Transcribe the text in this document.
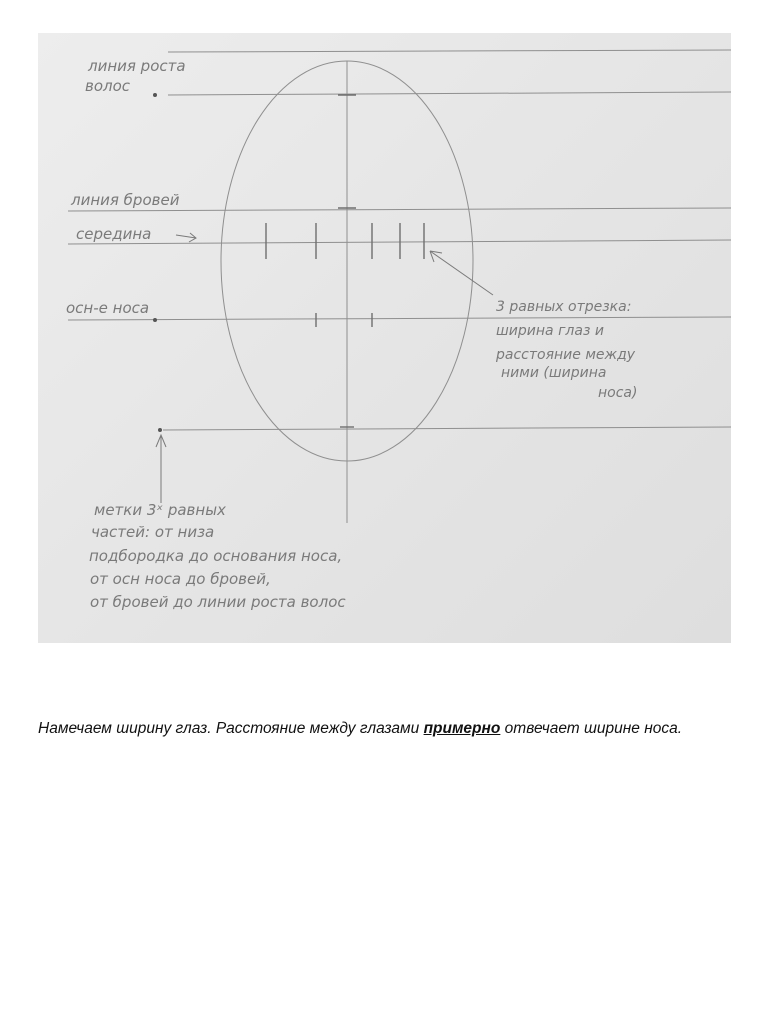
линия роста
волос
линия бровей
середина
осн-е носа	3 равных отрезка:
ширина глаз и
расстояние между
ними (ширина
носа)
метки 3ˣ равных
частей: от низа
подбородка до основания носа,
от осн носа до бровей,
от бровей до линии роста волос

Намечаем ширину глаз. Расстояние между глазами примерно отвечает ширине носа.
